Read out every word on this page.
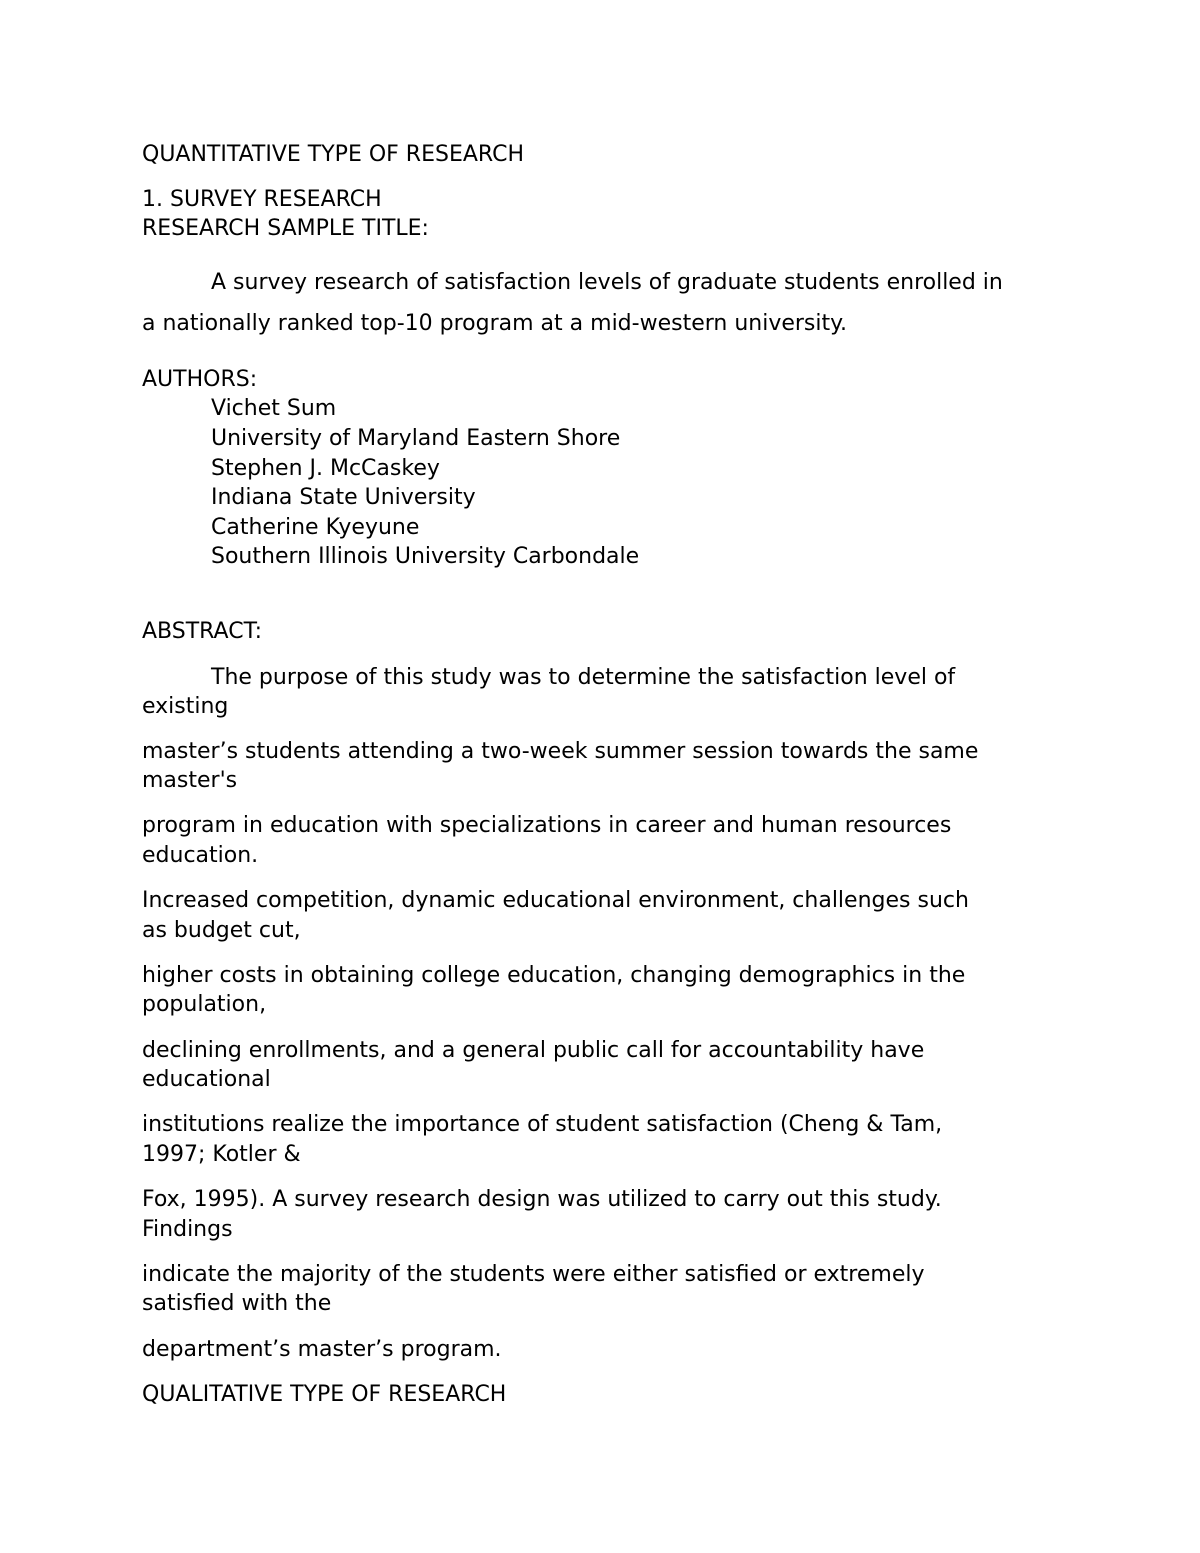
QUANTITATIVE TYPE OF RESEARCH
1. SURVEY RESEARCH
RESEARCH SAMPLE TITLE:
A survey research of satisfaction levels of graduate students enrolled in
a nationally ranked top-10 program at a mid-western university.
AUTHORS:
Vichet Sum
University of Maryland Eastern Shore
Stephen J. McCaskey
Indiana State University
Catherine Kyeyune
Southern Illinois University Carbondale
ABSTRACT:
The purpose of this study was to determine the satisfaction level of
existing
master’s students attending a two-week summer session towards the same
master's
program in education with specializations in career and human resources
education.
Increased competition, dynamic educational environment, challenges such
as budget cut,
higher costs in obtaining college education, changing demographics in the
population,
declining enrollments, and a general public call for accountability have
educational
institutions realize the importance of student satisfaction (Cheng & Tam,
1997; Kotler &
Fox, 1995). A survey research design was utilized to carry out this study.
Findings
indicate the majority of the students were either satisfied or extremely
satisfied with the
department’s master’s program.
QUALITATIVE TYPE OF RESEARCH
